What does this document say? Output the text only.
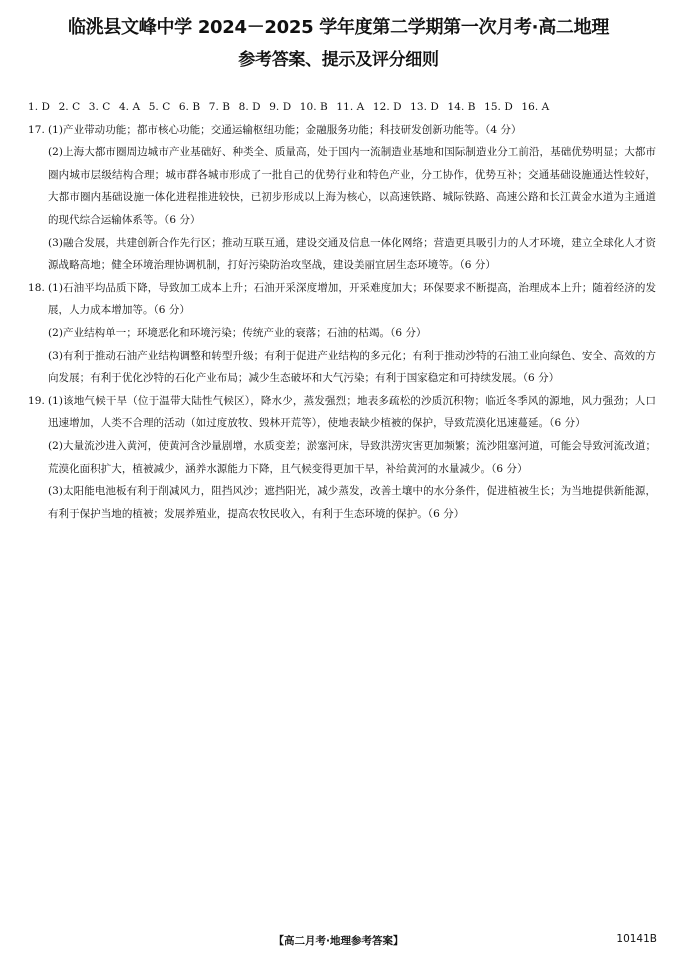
临洮县文峰中学 2024－2025 学年度第二学期第一次月考·高二地理
参考答案、提示及评分细则
1. D 2. C 3. C 4. A 5. C 6. B 7. B 8. D 9. D 10. B 11. A 12. D 13. D 14. B 15. D 16. A
17. (1)产业带动功能；都市核心功能；交通运输枢纽功能；金融服务功能；科技研发创新功能等。（4 分）
(2)上海大都市圈周边城市产业基础好、种类全、质量高，处于国内一流制造业基地和国际制造业分工前沿，基础优势明显；大都市圈内城市层级结构合理；城市群各城市形成了一批自己的优势行业和特色产业，分工协作，优势互补；交通基础设施通达性较好，大都市圈内基础设施一体化进程推进较快，已初步形成以上海为核心，以高速铁路、城际铁路、高速公路和长江黄金水道为主通道的现代综合运输体系等。（6 分）
(3)融合发展，共建创新合作先行区；推动互联互通，建设交通及信息一体化网络；营造更具吸引力的人才环境，建立全球化人才资源战略高地；健全环境治理协调机制，打好污染防治攻坚战，建设美丽宜居生态环境等。（6 分）
18. (1)石油平均品质下降，导致加工成本上升；石油开采深度增加，开采难度加大；环保要求不断提高，治理成本上升；随着经济的发展，人力成本增加等。（6 分）
(2)产业结构单一；环境恶化和环境污染；传统产业的衰落；石油的枯竭。（6 分）
(3)有利于推动石油产业结构调整和转型升级；有利于促进产业结构的多元化；有利于推动沙特的石油工业向绿色、安全、高效的方向发展；有利于优化沙特的石化产业布局；减少生态破坏和大气污染；有利于国家稳定和可持续发展。（6 分）
19. (1)该地气候干旱（位于温带大陆性气候区），降水少，蒸发强烈；地表多疏松的沙质沉积物；临近冬季风的源地，风力强劲；人口迅速增加，人类不合理的活动（如过度放牧、毁林开荒等），使地表缺少植被的保护，导致荒漠化迅速蔓延。（6 分）
(2)大量流沙进入黄河，使黄河含沙量剧增，水质变差；淤塞河床，导致洪涝灾害更加频繁；流沙阻塞河道，可能会导致河流改道；荒漠化面积扩大，植被减少，涵养水源能力下降，且气候变得更加干旱，补给黄河的水量减少。（6 分）
(3)太阳能电池板有利于削减风力，阻挡风沙；遮挡阳光，减少蒸发，改善土壤中的水分条件，促进植被生长；为当地提供新能源，有利于保护当地的植被；发展养殖业，提高农牧民收入，有利于生态环境的保护。（6 分）
【高二月考·地理参考答案】	10141B
